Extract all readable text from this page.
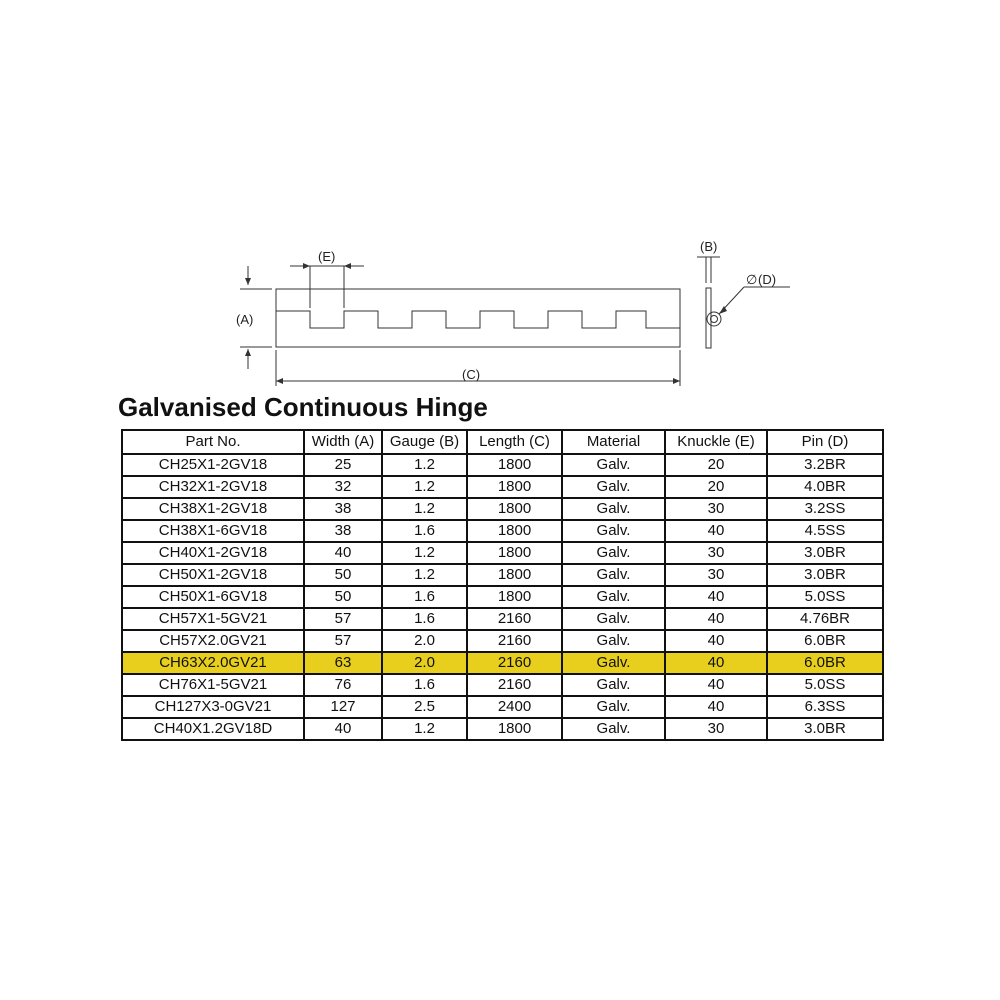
(E)
(A)
(C)
(B)
∅ (D)
Galvanised Continuous Hinge
Part No.	Width (A)	Gauge (B)	Length (C)	Material	Knuckle (E)	Pin (D)
CH25X1-2GV18	25	1.2	1800	Galv.	20	3.2BR
CH32X1-2GV18	32	1.2	1800	Galv.	20	4.0BR
CH38X1-2GV18	38	1.2	1800	Galv.	30	3.2SS
CH38X1-6GV18	38	1.6	1800	Galv.	40	4.5SS
CH40X1-2GV18	40	1.2	1800	Galv.	30	3.0BR
CH50X1-2GV18	50	1.2	1800	Galv.	30	3.0BR
CH50X1-6GV18	50	1.6	1800	Galv.	40	5.0SS
CH57X1-5GV21	57	1.6	2160	Galv.	40	4.76BR
CH57X2.0GV21	57	2.0	2160	Galv.	40	6.0BR
CH63X2.0GV21	63	2.0	2160	Galv.	40	6.0BR
CH76X1-5GV21	76	1.6	2160	Galv.	40	5.0SS
CH127X3-0GV21	127	2.5	2400	Galv.	40	6.3SS
CH40X1.2GV18D	40	1.2	1800	Galv.	30	3.0BR
